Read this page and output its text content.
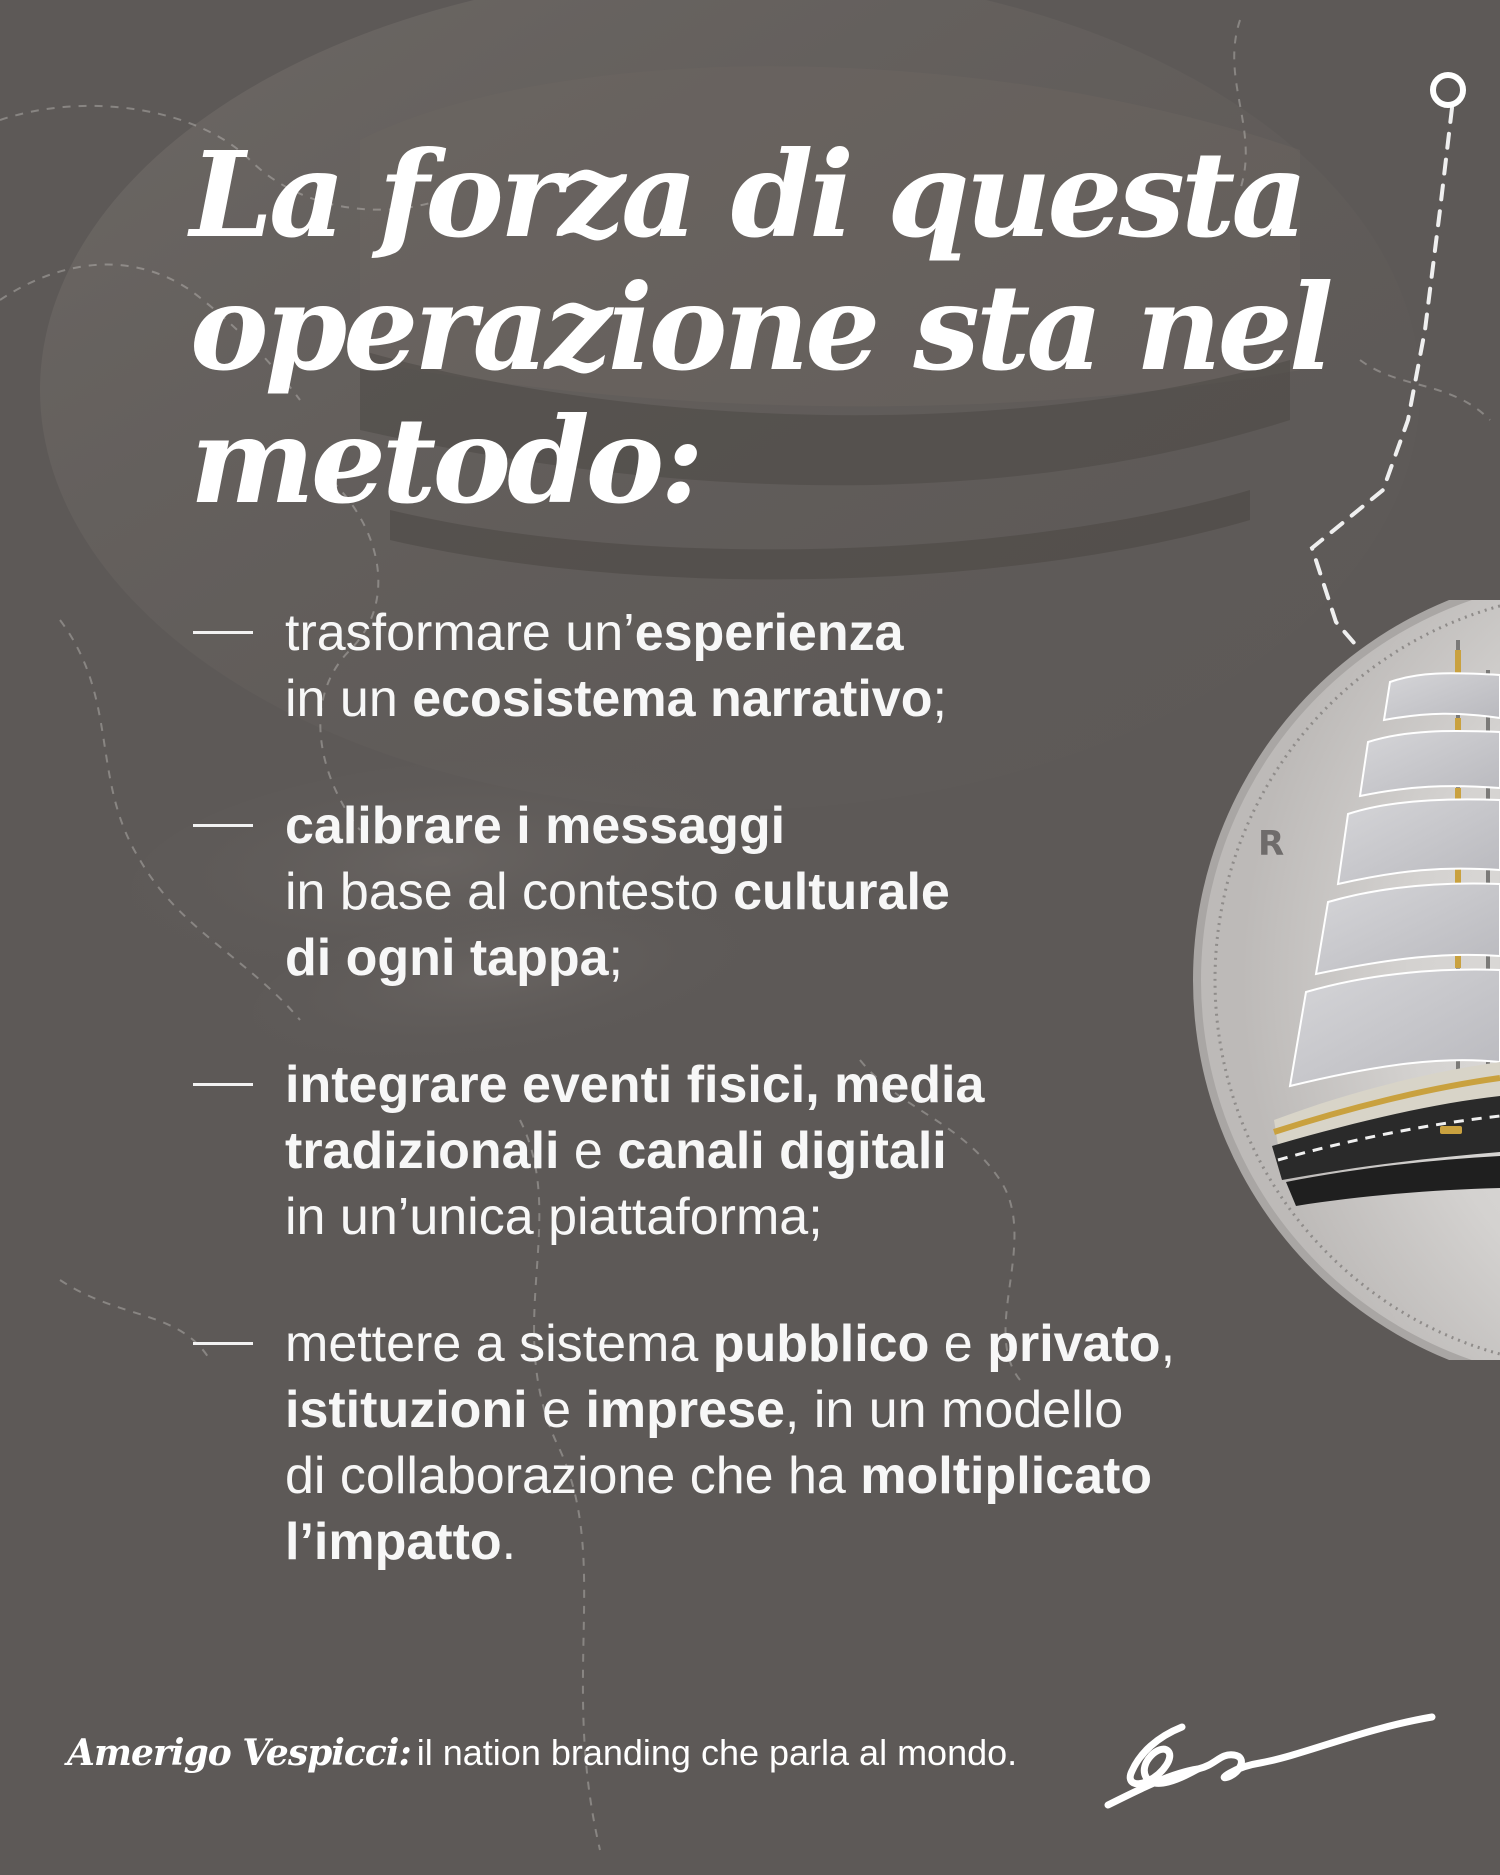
R
La forza di questa
operazione sta nel
metodo:
trasformare un’esperienza
in un ecosistema narrativo;
calibrare i messaggi
in base al contesto culturale
di ogni tappa;
integrare eventi fisici, media
tradizionali e canali digitali
in un’unica piattaforma;
mettere a sistema pubblico e privato,
istituzioni e imprese, in un modello
di collaborazione che ha moltiplicato
l’impatto.
Amerigo Vespicci: il nation branding che parla al mondo.
